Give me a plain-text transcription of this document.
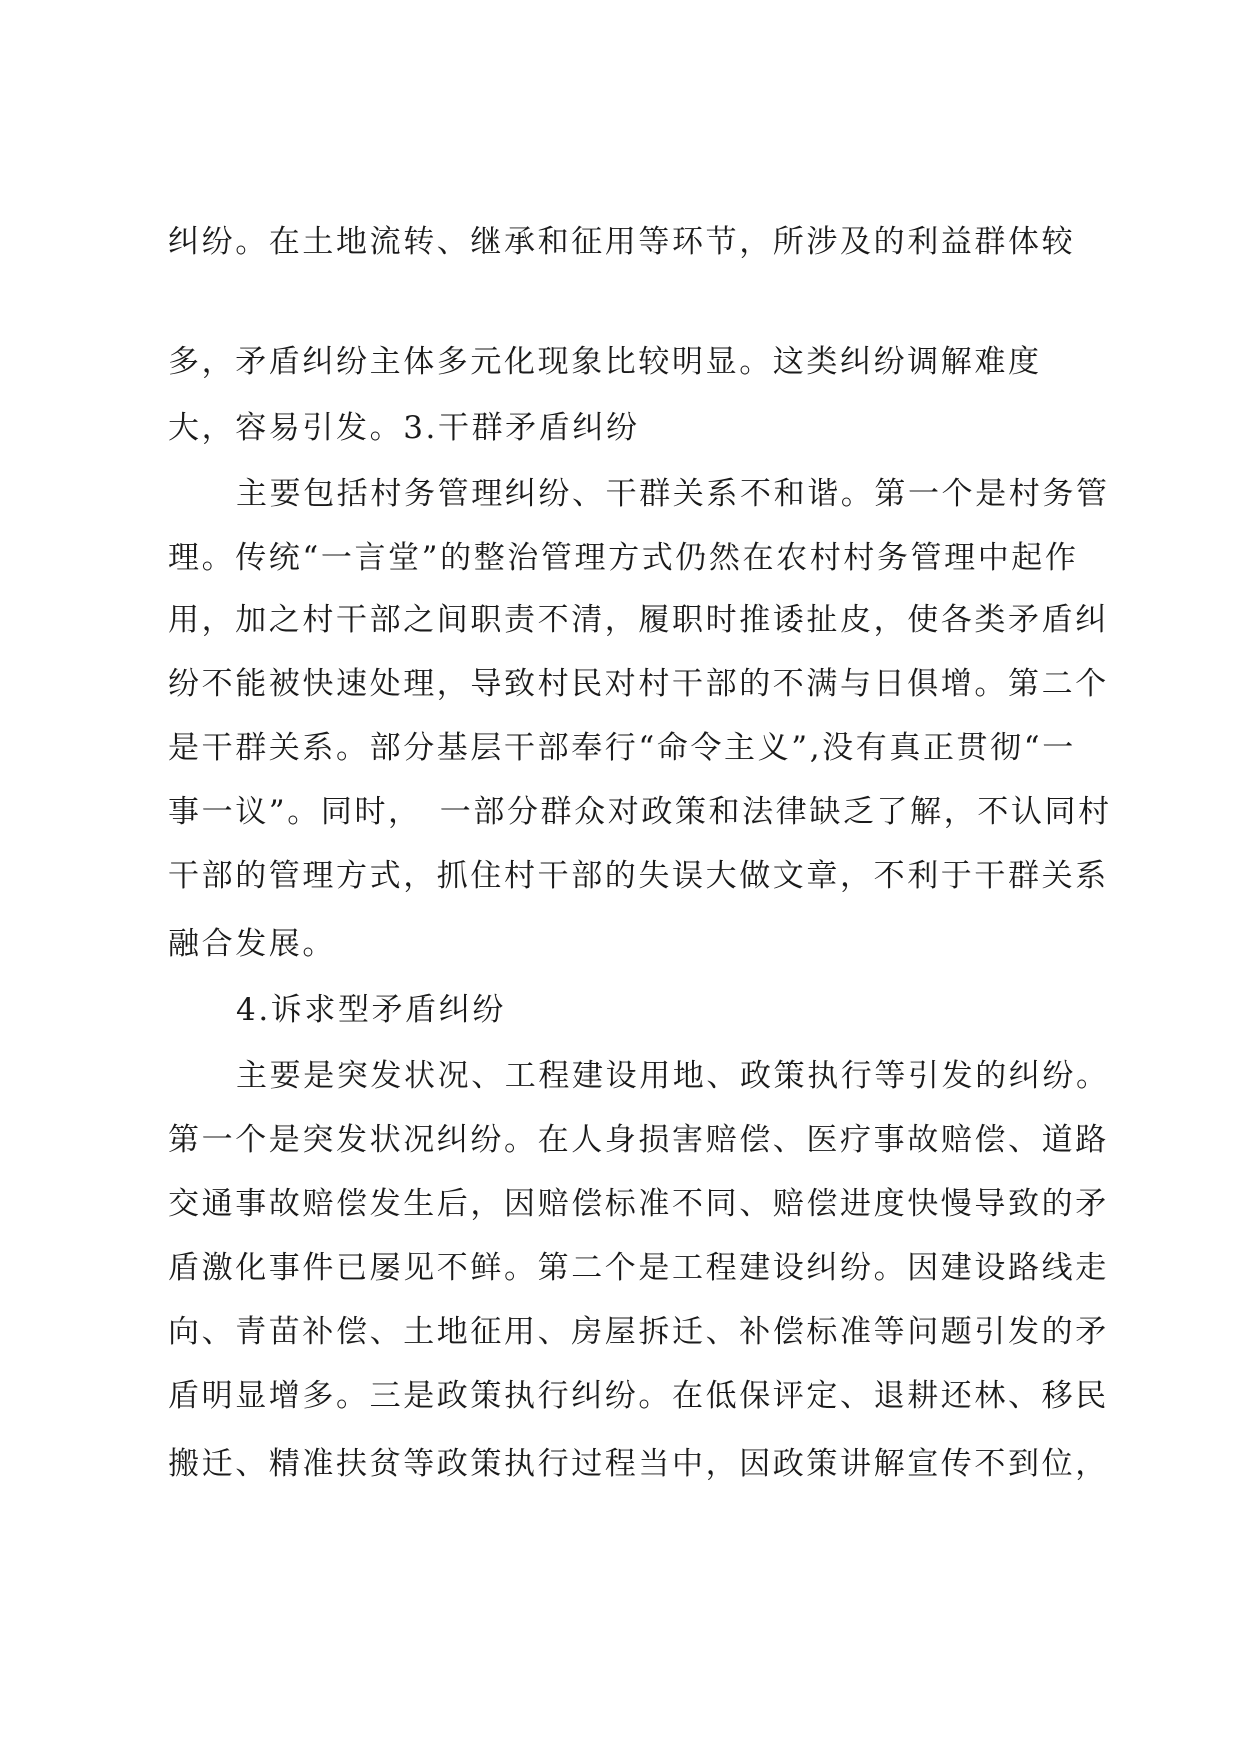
纠纷。在土地流转、继承和征用等环节，所涉及的利益群体较
多，矛盾纠纷主体多元化现象比较明显。这类纠纷调解难度
大，容易引发。3.干群矛盾纠纷
主要包括村务管理纠纷、干群关系不和谐。第一个是村务管
理。传统“一言堂”的整治管理方式仍然在农村村务管理中起作
用，加之村干部之间职责不清，履职时推诿扯皮，使各类矛盾纠
纷不能被快速处理，导致村民对村干部的不满与日俱增。第二个
是干群关系。部分基层干部奉行“命令主义”,没有真正贯彻“一
事一议”。同时，　一部分群众对政策和法律缺乏了解，不认同村
干部的管理方式，抓住村干部的失误大做文章，不利于干群关系
融合发展。
4.诉求型矛盾纠纷
主要是突发状况、工程建设用地、政策执行等引发的纠纷。
第一个是突发状况纠纷。在人身损害赔偿、医疗事故赔偿、道路
交通事故赔偿发生后，因赔偿标准不同、赔偿进度快慢导致的矛
盾激化事件已屡见不鲜。第二个是工程建设纠纷。因建设路线走
向、青苗补偿、土地征用、房屋拆迁、补偿标准等问题引发的矛
盾明显增多。三是政策执行纠纷。在低保评定、退耕还林、移民
搬迁、精准扶贫等政策执行过程当中，因政策讲解宣传不到位，
